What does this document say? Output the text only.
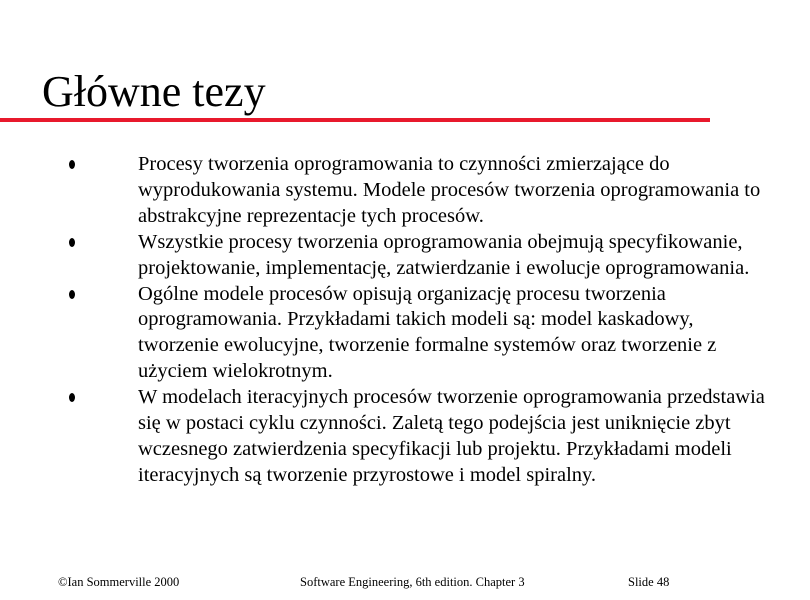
Główne tezy
Procesy tworzenia oprogramowania to czynności zmierzające do wyprodukowania systemu. Modele procesów tworzenia oprogramowania to abstrakcyjne reprezentacje tych procesów.
Wszystkie procesy tworzenia oprogramowania obejmują specyfikowanie, projektowanie, implementację, zatwierdzanie i ewolucje oprogramowania.
Ogólne modele procesów opisują organizację procesu tworzenia oprogramowania. Przykładami takich modeli są: model kaskadowy, tworzenie ewolucyjne, tworzenie formalne systemów oraz tworzenie z użyciem wielokrotnym.
W modelach iteracyjnych procesów tworzenie oprogramowania przedstawia się w postaci cyklu czynności. Zaletą tego podejścia jest uniknięcie zbyt wczesnego zatwierdzenia specyfikacji lub projektu. Przykładami modeli iteracyjnych są tworzenie przyrostowe i model spiralny.
©Ian Sommerville 2000	Software Engineering, 6th edition. Chapter 3	Slide 48
